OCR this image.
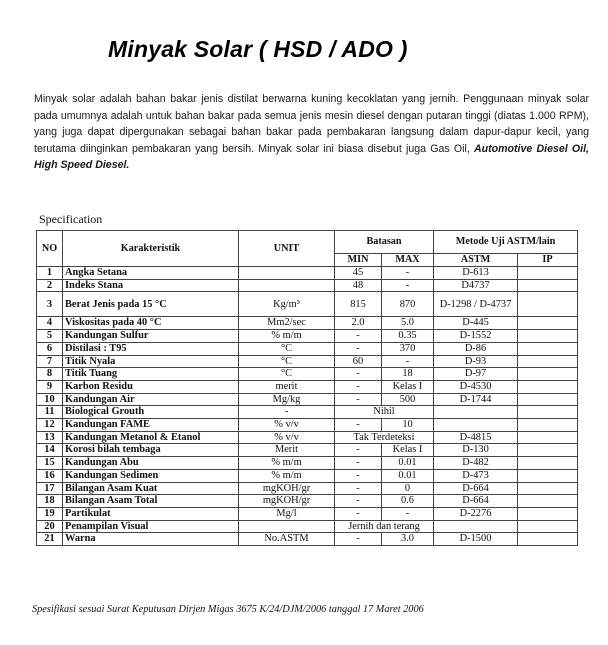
Minyak Solar ( HSD / ADO )
Minyak solar adalah bahan bakar jenis distilat berwarna kuning kecoklatan yang jernih. Penggunaan minyak solar pada umumnya adalah untuk bahan bakar pada semua jenis mesin diesel dengan putaran tinggi (diatas 1.000 RPM), yang juga dapat dipergunakan sebagai bahan bakar pada pembakaran langsung dalam dapur-dapur kecil, yang terutama diinginkan pembakaran yang bersih. Minyak solar ini biasa disebut juga Gas Oil, Automotive Diesel Oil, High Speed Diesel.
Specification
NO	Karakteristik	UNIT	Batasan		Metode Uji ASTM/lain	
			MIN	MAX	ASTM	IP
1	Angka Setana		45	-	D-613	
2	Indeks Stana		48	-	D4737	
3	Berat Jenis pada 15 °C	Kg/m³	815	870	D-1298 / D-4737	
4	Viskositas pada 40 °C	Mm2/sec	2.0	5.0	D-445	
5	Kandungan Sulfur	% m/m	-	0.35	D-1552	
6	Distilasi : T95	°C	-	370	D-86	
7	Titik Nyala	°C	60	-	D-93	
8	Titik Tuang	°C	-	18	D-97	
9	Karbon Residu	merit	-	Kelas I	D-4530	
10	Kandungan Air	Mg/kg	-	500	D-1744	
11	Biological Grouth	-	Nihil			
12	Kandungan FAME	% v/v	-	10		
13	Kandungan Metanol & Etanol	% v/v	Tak Terdeteksi		D-4815	
14	Korosi bilah tembaga	Merit	-	Kelas I	D-130	
15	Kandungan Abu	% m/m	-	0.01	D-482	
16	Kandungan Sedimen	% m/m	-	0.01	D-473	
17	Bilangan Asam Kuat	mgKOH/gr	-	0	D-664	
18	Bilangan Asam Total	mgKOH/gr	-	0.6	D-664	
19	Partikulat	Mg/l	-	-	D-2276	
20	Penampilan Visual		Jernih dan terang			
21	Warna	No.ASTM	-	3.0	D-1500	
Spesifikasi sesuai Surat Keputusan Dirjen Migas 3675 K/24/DJM/2006 tanggal 17 Maret 2006
